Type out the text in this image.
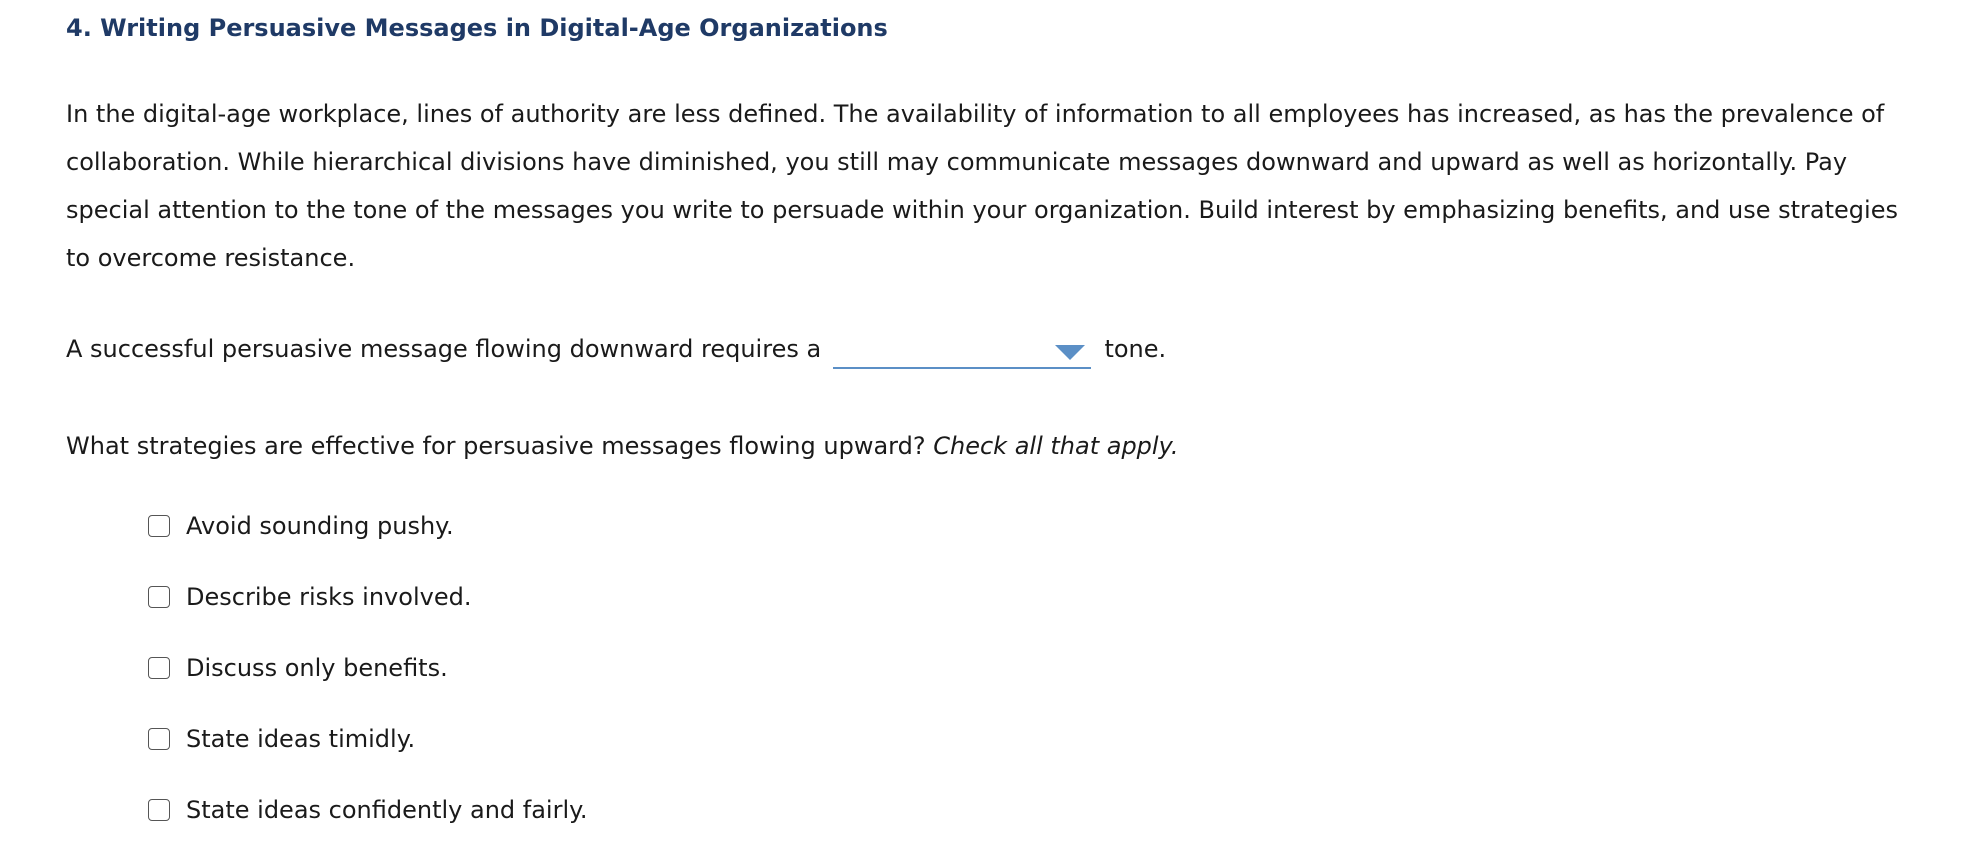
4. Writing Persuasive Messages in Digital-Age Organizations

In the digital-age workplace, lines of authority are less defined. The availability of information to all employees has increased, as has the prevalence of collaboration. While hierarchical divisions have diminished, you still may communicate messages downward and upward as well as horizontally. Pay special attention to the tone of the messages you write to persuade within your organization. Build interest by emphasizing benefits, and use strategies to overcome resistance.

A successful persuasive message flowing downward requires a	tone.

What strategies are effective for persuasive messages flowing upward? Check all that apply.

Avoid sounding pushy.
Describe risks involved.
Discuss only benefits.
State ideas timidly.
State ideas confidently and fairly.
